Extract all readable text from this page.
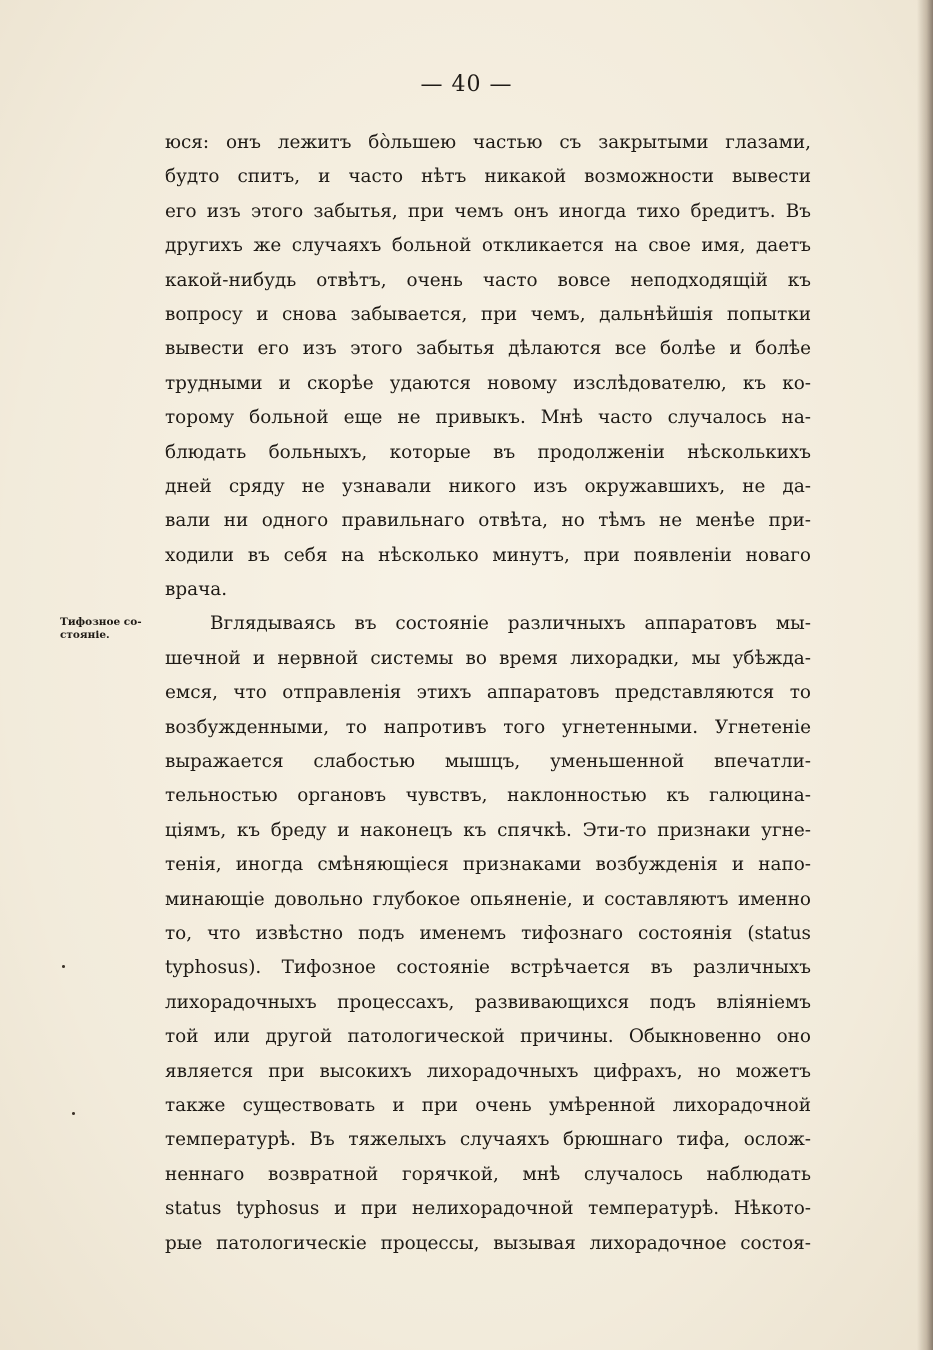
— 40 —
Тифозное со-
стояніе.
юся: онъ лежитъ бо̀льшею частью съ закрытыми глазами,
будто спитъ, и часто нѣтъ никакой возможности вывести
его изъ этого забытья, при чемъ онъ иногда тихо бредитъ. Въ
другихъ же случаяхъ больной откликается на свое имя, даетъ
какой-нибудь отвѣтъ, очень часто вовсе неподходящій къ
вопросу и снова забывается, при чемъ, дальнѣйшія попытки
вывести его изъ этого забытья дѣлаются все болѣе и болѣе
трудными и скорѣе удаются новому изслѣдователю, къ ко-
торому больной еще не привыкъ. Мнѣ часто случалось на-
блюдать больныхъ, которые въ продолженіи нѣсколькихъ
дней сряду не узнавали никого изъ окружавшихъ, не да-
вали ни одного правильнаго отвѣта, но тѣмъ не менѣе при-
ходили въ себя на нѣсколько минутъ, при появленіи новаго
врача.
Вглядываясь въ состояніе различныхъ аппаратовъ мы-
шечной и нервной системы во время лихорадки, мы убѣжда-
емся, что отправленія этихъ аппаратовъ представляются то
возбужденными, то напротивъ того угнетенными. Угнетеніе
выражается слабостью мышцъ, уменьшенной впечатли-
тельностью органовъ чувствъ, наклонностью къ галюцина-
ціямъ, къ бреду и наконецъ къ спячкѣ. Эти-то признаки угне-
тенія, иногда смѣняющіеся признаками возбужденія и напо-
минающіе довольно глубокое опьяненіе, и составляютъ именно
то, что извѣстно подъ именемъ тифознаго состоянія (status
typhosus). Тифозное состояніе встрѣчается въ различныхъ
лихорадочныхъ процессахъ, развивающихся подъ вліяніемъ
той или другой патологической причины. Обыкновенно оно
является при высокихъ лихорадочныхъ цифрахъ, но можетъ
также существовать и при очень умѣренной лихорадочной
температурѣ. Въ тяжелыхъ случаяхъ брюшнаго тифа, ослож-
неннаго возвратной горячкой, мнѣ случалось наблюдать
status typhosus и при нелихорадочной температурѣ. Нѣкото-
рые патологическіе процессы, вызывая лихорадочное состоя-
